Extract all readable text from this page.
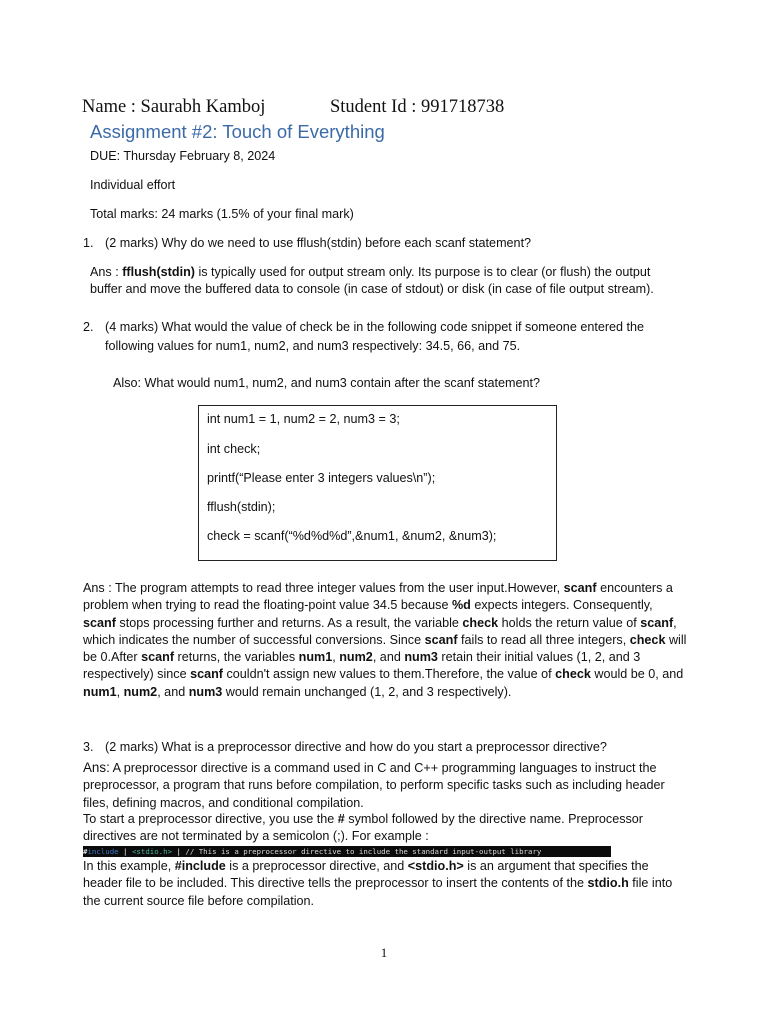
Name : Saurabh Kamboj	Student Id : 991718738
Assignment #2: Touch of Everything
DUE: Thursday February 8, 2024
Individual effort
Total marks: 24 marks (1.5% of your final mark)
1. (2 marks) Why do we need to use fflush(stdin) before each scanf statement?
Ans : fflush(stdin) is typically used for output stream only. Its purpose is to clear (or flush) the output
buffer and move the buffered data to console (in case of stdout) or disk (in case of file output stream).
2. (4 marks) What would the value of check be in the following code snippet if someone entered the
following values for num1, num2, and num3 respectively: 34.5, 66, and 75.
Also: What would num1, num2, and num3 contain after the scanf statement?
int num1 = 1, num2 = 2, num3 = 3;
int check;
printf(“Please enter 3 integers values\n”);
fflush(stdin);
check = scanf(“%d%d%d”,&num1, &num2, &num3);
Ans : The program attempts to read three integer values from the user input.However, scanf encounters a problem when trying to read the floating-point value 34.5 because %d expects integers. Consequently, scanf stops processing further and returns. As a result, the variable check holds the return value of scanf, which indicates the number of successful conversions. Since scanf fails to read all three integers, check will be 0.After scanf returns, the variables num1, num2, and num3 retain their initial values (1, 2, and 3 respectively) since scanf couldn't assign new values to them.Therefore, the value of check would be 0, and num1, num2, and num3 would remain unchanged (1, 2, and 3 respectively).
3. (2 marks) What is a preprocessor directive and how do you start a preprocessor directive?
Ans: A preprocessor directive is a command used in C and C++ programming languages to instruct the preprocessor, a program that runs before compilation, to perform specific tasks such as including header files, defining macros, and conditional compilation.
To start a preprocessor directive, you use the # symbol followed by the directive name. Preprocessor directives are not terminated by a semicolon (;). For example :
#include | <stdio.h> | // This is a preprocessor directive to include the standard input-output library
In this example, #include is a preprocessor directive, and <stdio.h> is an argument that specifies the header file to be included. This directive tells the preprocessor to insert the contents of the stdio.h file into the current source file before compilation.
1
